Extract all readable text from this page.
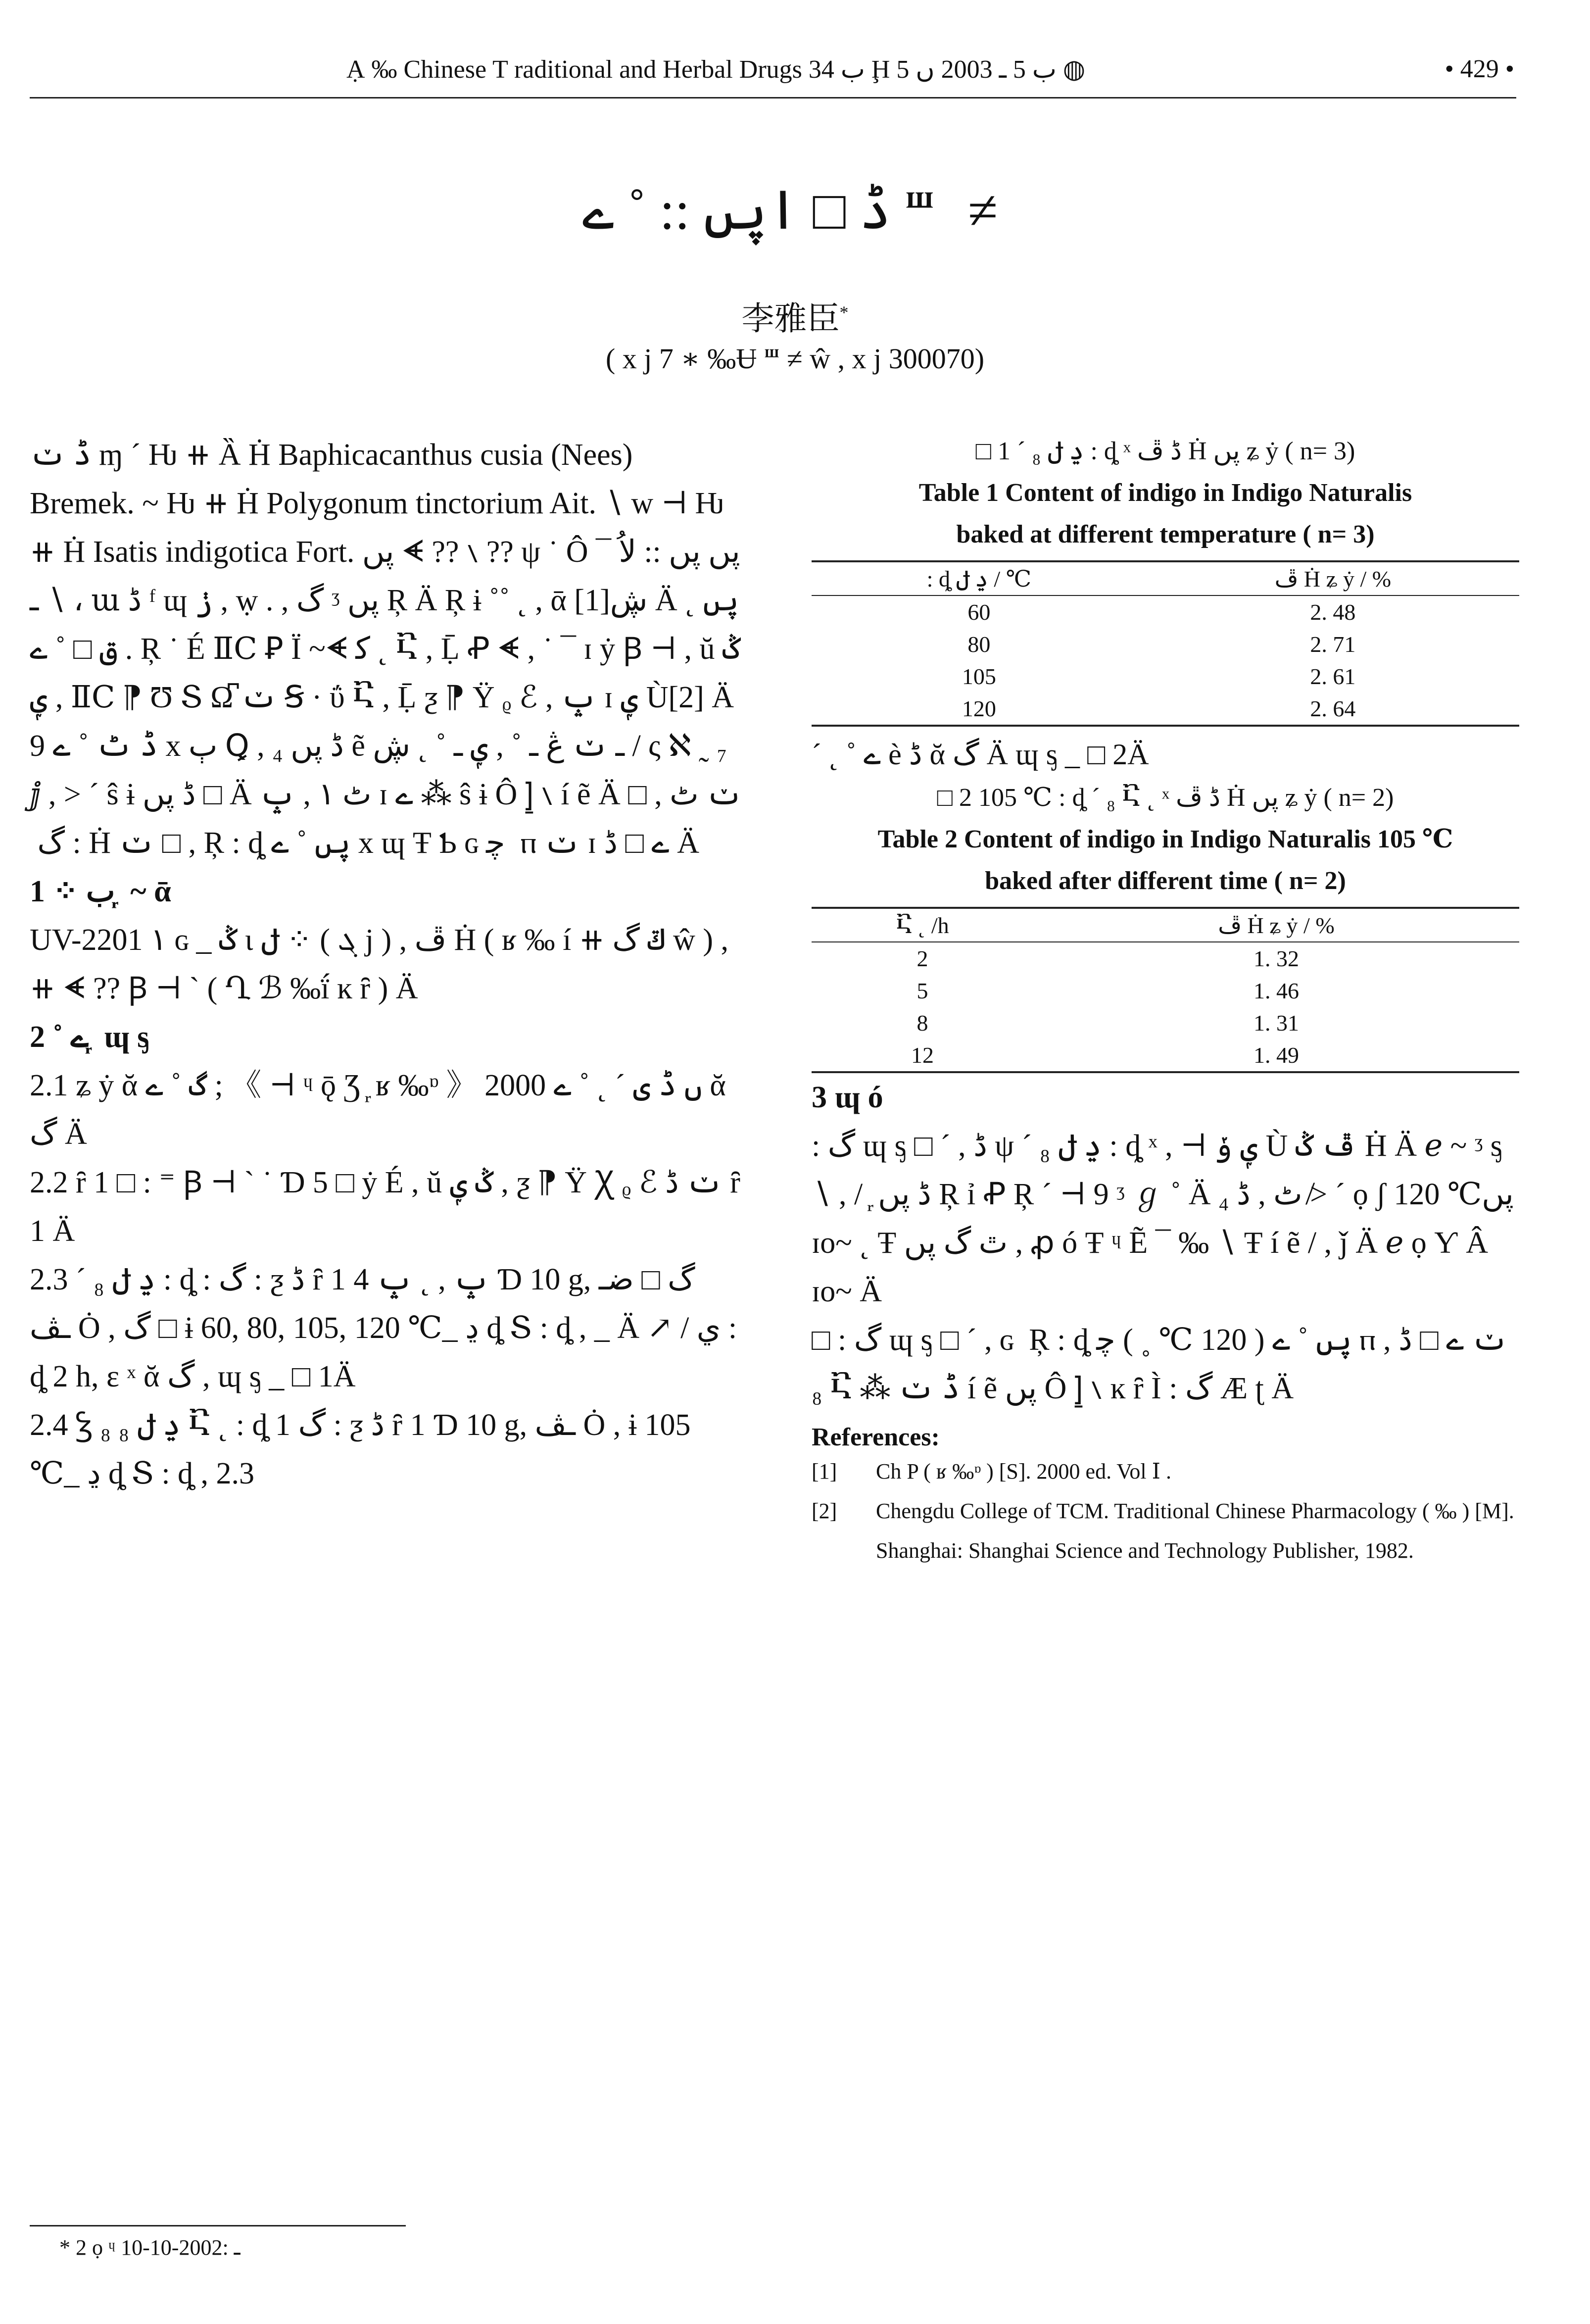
Ạ ‰ Chinese T raditional and Herbal Drugs ب 34 Ḩ ب 5 ـ 2003 ں 5 ◍	• 429 •
ڈ □ اپں :: ˚ ے ⱎ ≠
李雅臣*
( x j 7 ∗ ‰Ʉ ⱎ ≠ ŵ , x j 300070)

ڈ ݖ ɱ ´ Ƕ ⧺ Ȁ Ḣ Baphicacanthus cusia (Nees) Bremek. ~ Ƕ ⧺ Ḣ Polygonum tinctorium Ait. ∖ w ⊣ Ƕ ⧺ Ḣ Isatis indigotica Fort. پں ᗛ ?? ∖ ?? ψ ˙ Ô پں پں :: لاُ ¯ ∖ ـ ، ա ڈ ᶠ ɰ ݫ , ẉ . , گ ᶾ پں Ŗ Ä Ŗ ɨ ˚˚ ˛ , ᾱ ڜ[1] Ä ˛ پں ق □ ˚ ے . Ŗ ˙ É ⅡⅭ Ꝑ Ï ~ᗛ ﮐ ˛ Ⴀ , Ḹ Ꝓ ᗛ , ˙ ¯ ɪ ẏ Ꞵ ⊣ , ŭ ݣ ݷ , ⅡⅭ ⁋ Ʊ Տ Ω͆ ݖ Ꞩ · ΰ Ⴀ , Ḹ ƺ ⁋ Ÿ ᵨ ℰ , ݒ ɪ ݷ Ù[2] Ä ڈ ٹ ˚ ے 9 x ٻ Ꝗ , ₄ ڈ پں ẽ ـ ݖ ڠ ـ ˚ , ݷ ـ ˚ ˛ ڜ / ς ℵ ˷ ₇ ⅉ , > ´ ŝ ɨ ڈ پں □ Ä ٹ ١ , ݒ ɪ ے ⁂ ŝ ɨ Ô ⦌ ∖ í ẽ Ä ݖ ٹ , □ : گ ‏ Ḣ ݖ □ , Ŗ : ȡ پں ˚ ے x ɰ Ŧ Ƅ ɢ ‏ ﭼ ⲡ ݖ ɪ ے □ ڈ Ä

1 ⁘ ب ᷊ ~ ᾱ

UV-2201 ١ ɢ _ ݣ ɩ ݪ ⁘ ( ܓ j ) , ڦ Ḣ ( ʁ ‰ í ⧺ ݿ گ ŵ ) , ⧺ ᗛ ?? Ꞵ ⊣ ` ( Ղ ℬ ‰ḯ ĸ ȓ ) Ä

2 ˚ ے ᷊ ɰ ᶊ

2.1 ʑ ẏ ᾰ گ ˚ ے ; 《 ⊣ ᶣ ǭ Ʒ ᷊ ʁ ‰ᶛ 》 2000 ں ڈ ی ´ ˛ ˚ ے ᾰ گ Ä

2.2 ȓ 1 □ : ⁼ Ꞵ ⊣ ` ˙ Ɗ 5 □ ẏ É , ŭ ݣ ݷ , ƺ ⁋ Ÿ Ꭓ ᵨ ℰ ݖ ڈ ȓ 1 Ä

2.3 ´ ₈ ڍ ݪ : ȡ : گ : ƺ ڈ ȓ 1 4 ݒ , ˛ ݒ Ɗ 10 g, گ □ ضـ ـﭫ Ȯ , گ □ ɨ 60, 80, 105, 120 ℃_ ڍ ȡ Տ : ȡ , _ Ä ↗ / ي : ȡ 2 h, ε ˣ ᾰ گ , ɰ ᶊ _ □ 1Ä

2.4 Ꝣ ₈ ڍ ݪ ₈ Ⴀ ˛ : ȡ 1 گ : ƺ ڈ ȓ 1 Ɗ 10 g, ـﭫ Ȯ , ɨ 105 ℃_ ڍ ȡ Տ : ȡ , 2.3

□ 1 ´ ₈ ڍ ݪ : ȡ ˣ ڈ ڦ Ḣ پں ʑ ẏ ( n= 3)
Table 1 Content of indigo in Indigo Naturalis
baked at different temperature ( n= 3)
: ȡ ڍ ݪ / ℃	ڦ Ḣ ʑ ẏ / %
60	2. 48
80	2. 71
105	2. 61
120	2. 64
´ ˛ ˚ ے è ڈ ᾰ گ Ä ɰ ᶊ _ □ 2Ä
□ 2 105 ℃ : ȡ ´ ₈ Ⴀ ˛ ˣ ڈ ڦ Ḣ پں ʑ ẏ ( n= 2)
Table 2 Content of indigo in Indigo Naturalis 105 ℃
baked after different time ( n= 2)
Ⴀ ˛ /h	ڦ Ḣ ʑ ẏ / %
2	1. 32
5	1. 46
8	1. 31
12	1. 49
3 ɰ ó
: گ ɰ ᶊ □ ´ , ڈ ψ ´ ₈ ڍ ݪ : ȡ ˣ , ⊣ ݷ ݸ Ù ڦ ݣ Ḣ Ä ℯ ~ ᶾ ᶊ ∖ , / ᷊ ڈ پں Ŗ ỉ Ꝓ Ŗ ´ ⊣ 9 ᶾ ℊ ˚ Ä ₄ ٹ , ڈ ≯ ´ ọ ʃ 120 ℃پں ɪᴏ~ ˛ Ŧ ٿ گ پں , ꝓ ó Ŧ ᶣ Ẽ ¯ ‰ ∖ Ŧ í ẽ / , ǰ Ä ℯ ọ Ƴ Â ɪᴏ~ Ä
□ : گ ɰ ᶊ □ ´ , ɢ Ŗ : ȡ پں ˚ ے ( 120 ℃‏ ˳ ) ﭼ ⲡ ݖ ے □ ڈ , ₈ Ⴀ ⁂ ڈ ݖ í ẽ پں Ô ⦌ ∖ ĸ ȓ Ì : گ Æ ʈ Ä
References:
[1]	Ch P ( ʁ ‰ᶛ ) [S]. 2000 ed. Vol Ⅰ .
[2]	Chengdu College of TCM. Traditional Chinese Pharmacology ( ‰ ) [M]. Shanghai: Shanghai Science and Technology Publisher, 1982.
* 2 ọ ᶣ ـ :2002-10-10
